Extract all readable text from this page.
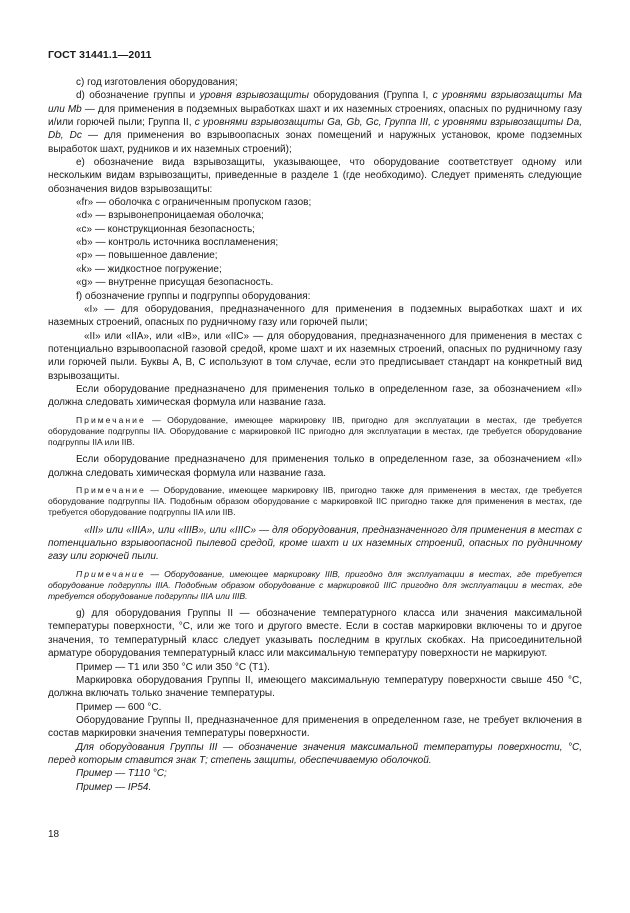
ГОСТ 31441.1—2011

c) год изготовления оборудования;

d) обозначение группы и уровня взрывозащиты оборудования (Группа I, с уровнями взрывозащиты Ma или Mb — для применения в подземных выработках шахт и их наземных строениях, опасных по рудничному газу и/или горючей пыли; Группа II, с уровнями взрывозащиты Ga, Gb, Gc, Группа III, с уровнями взрывозащиты Da, Db, Dc — для применения во взрывоопасных зонах помещений и наружных установок, кроме подземных выработок шахт, рудников и их наземных строений);

e) обозначение вида взрывозащиты, указывающее, что оборудование соответствует одному или нескольким видам взрывозащиты, приведенные в разделе 1 (где необходимо). Следует применять следующие обозначения видов взрывозащиты:

«fr» — оболочка с ограниченным пропуском газов;

«d» — взрывонепроницаемая оболочка;

«c» — конструкционная безопасность;

«b» — контроль источника воспламенения;

«p» — повышенное давление;

«k» — жидкостное погружение;

«g» — внутренне присущая безопасность.

f) обозначение группы и подгруппы оборудования:

«I» — для оборудования, предназначенного для применения в подземных выработках шахт и их наземных строений, опасных по рудничному газу или горючей пыли;

«II» или «IIA», или «IB», или «IIC» — для оборудования, предназначенного для применения в местах с потенциально взрывоопасной газовой средой, кроме шахт и их наземных строений, опасных по рудничному газу или горючей пыли. Буквы А, В, С используют в том случае, если это предписывает стандарт на конкретный вид взрывозащиты.

Если оборудование предназначено для применения только в определенном газе, за обозначением «II» должна следовать химическая формула или название газа.

Примечание — Оборудование, имеющее маркировку IIB, пригодно для эксплуатации в местах, где требуется оборудование подгруппы IIA. Оборудование с маркировкой IIC пригодно для эксплуатации в местах, где требуется оборудование подгруппы IIA или IIB.

Если оборудование предназначено для применения только в определенном газе, за обозначением «II» должна следовать химическая формула или название газа.

Примечание — Оборудование, имеющее маркировку IIB, пригодно также для применения в местах, где требуется оборудование подгруппы IIA. Подобным образом оборудование с маркировкой IIC пригодно также для применения в местах, где требуется оборудование подгруппы IIA или IIB.

«III» или «IIIA», или «IIIB», или «IIIC» — для оборудования, предназначенного для применения в местах с потенциально взрывоопасной пылевой средой, кроме шахт и их наземных строений, опасных по рудничному газу или горючей пыли.

Примечание — Оборудование, имеющее маркировку IIIB, пригодно для эксплуатации в местах, где требуется оборудование подгруппы IIIA. Подобным образом оборудование с маркировкой IIIC пригодно для эксплуатации в местах, где требуется оборудование подгруппы IIIA или IIIB.

g) для оборудования Группы II — обозначение температурного класса или значения максимальной температуры поверхности, °C, или же того и другого вместе. Если в состав маркировки включены то и другое значения, то температурный класс следует указывать последним в круглых скобках. На присоединительной арматуре оборудования температурный класс или максимальную температуру поверхности не маркируют.

Пример — Т1 или 350 °C или 350 °C (Т1).

Маркировка оборудования Группы II, имеющего максимальную температуру поверхности свыше 450 °C, должна включать только значение температуры.

Пример — 600 °C.

Оборудование Группы II, предназначенное для применения в определенном газе, не требует включения в состав маркировки значения температуры поверхности.

Для оборудования Группы III — обозначение значения максимальной температуры поверхности, °C, перед которым ставится знак Т; степень защиты, обеспечиваемую оболочкой.

Пример — Т110 °C;

Пример — IP54.

18
